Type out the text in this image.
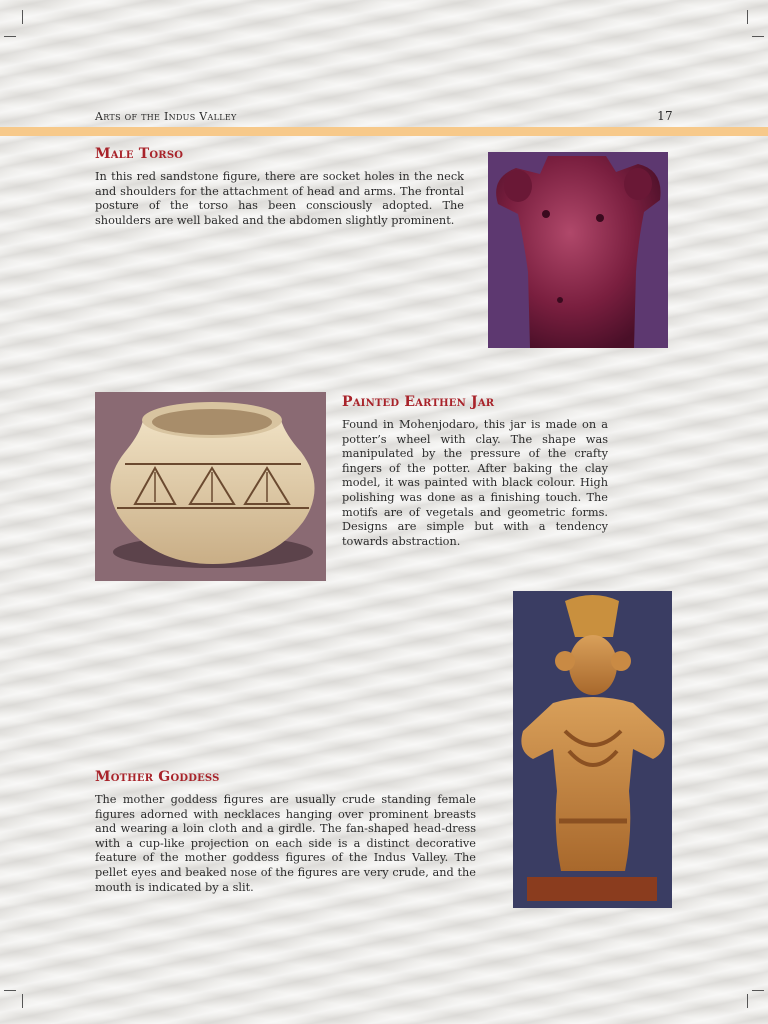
Arts of the Indus Valley	17
Male Torso
In this red sandstone figure, there are socket holes in the neck and shoulders for the attachment of head and arms. The frontal posture of the torso has been consciously adopted. The shoulders are well baked and the abdomen slightly prominent.
Painted Earthen Jar
Found in Mohenjodaro, this jar is made on a potter’s wheel with clay. The shape was manipulated by the pressure of the crafty fingers of the potter. After baking the clay model, it was painted with black colour. High polishing was done as a finishing touch. The motifs are of vegetals and geometric forms. Designs are simple but with a tendency towards abstraction.
Mother Goddess
The mother goddess figures are usually crude standing female figures adorned with necklaces hanging over prominent breasts and wearing a loin cloth and a girdle. The fan-shaped head-dress with a cup-like projection on each side is a distinct decorative feature of the mother goddess figures of the Indus Valley. The pellet eyes and beaked nose of the figures are very crude, and the mouth is indicated by a slit.
